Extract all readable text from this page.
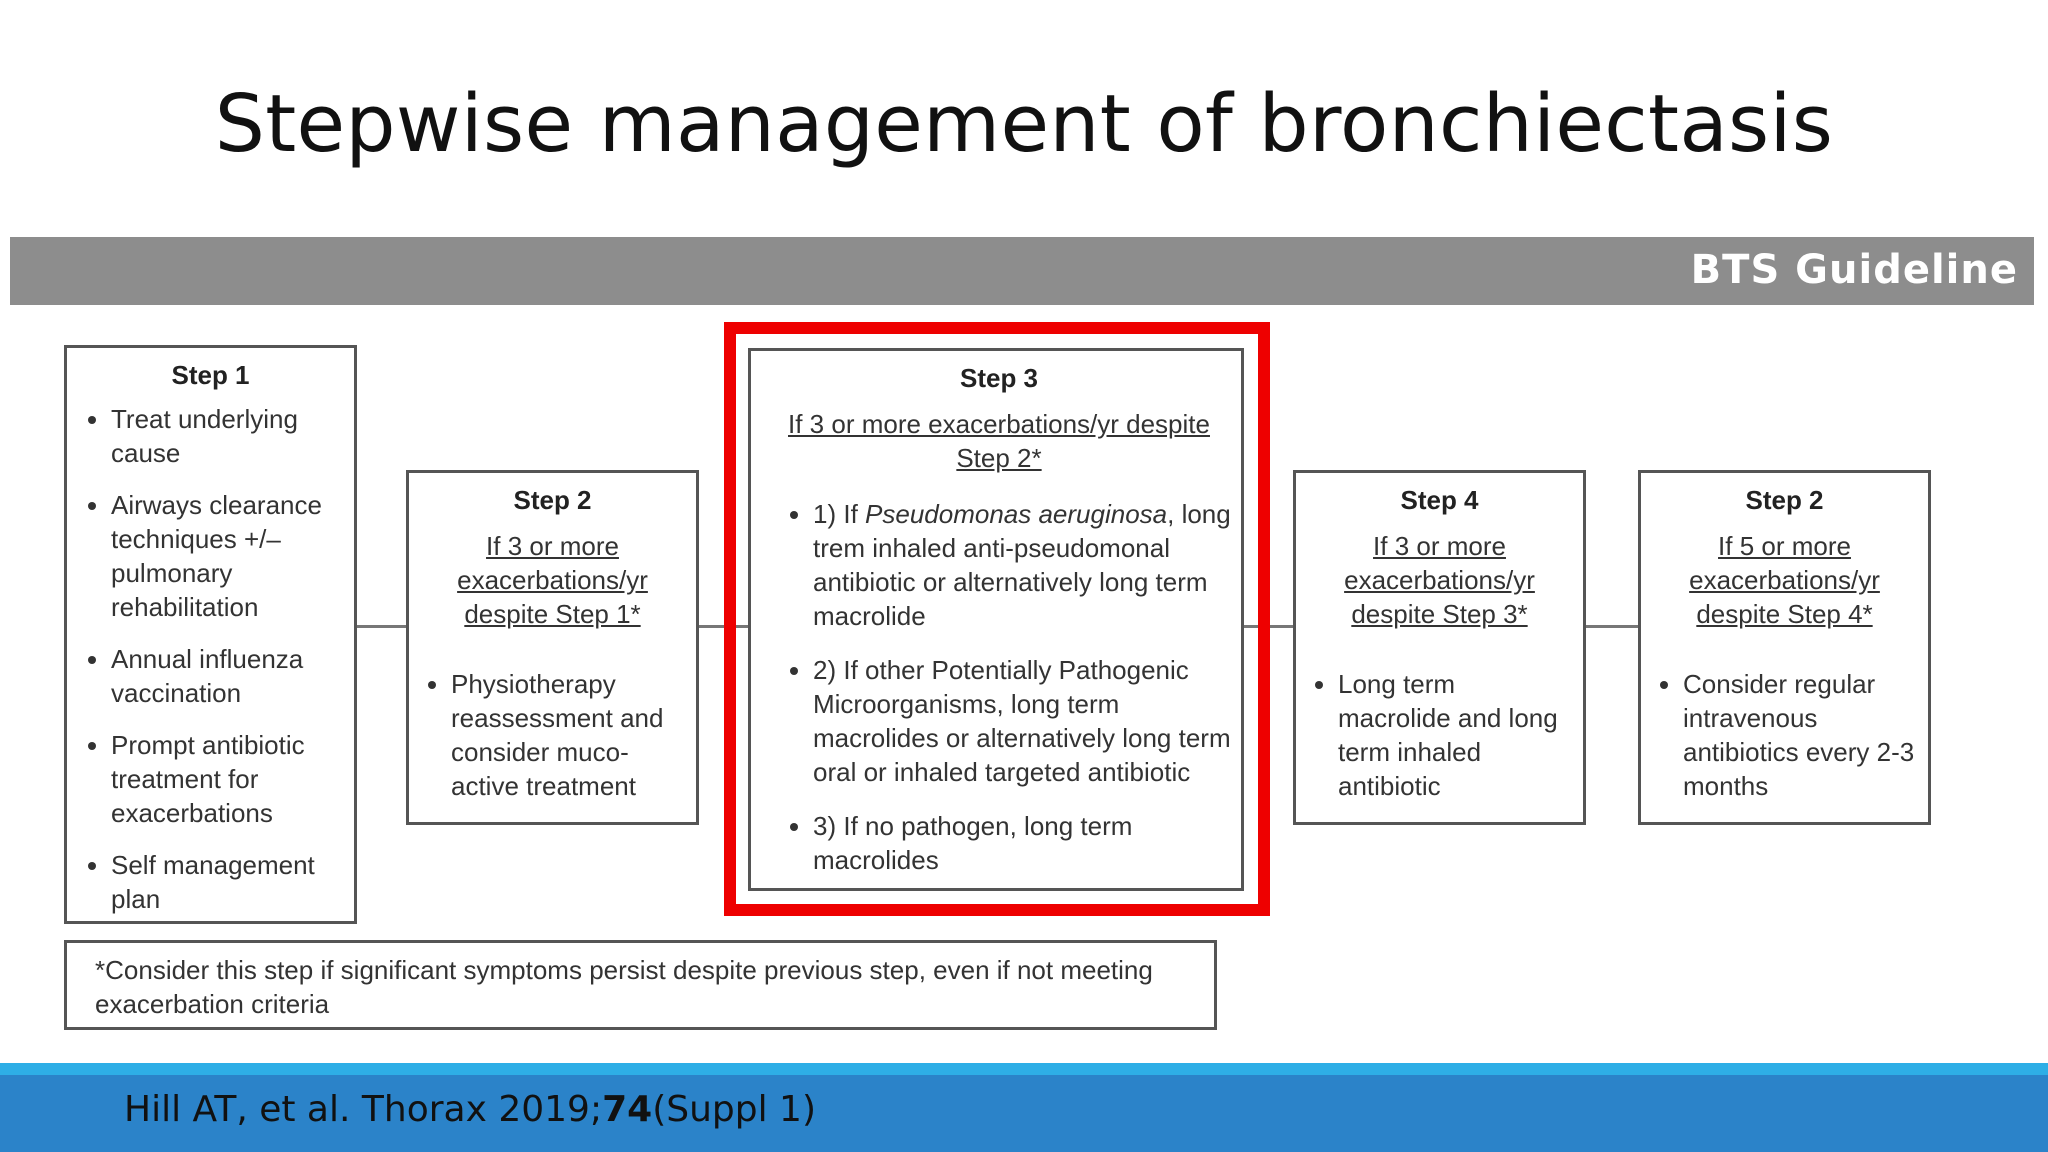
Stepwise management of bronchiectasis
BTS Guideline
Step 1
• Treat underlying cause
• Airways clearance techniques +/– pulmonary rehabilitation
• Annual influenza vaccination
• Prompt antibiotic treatment for exacerbations
• Self management plan
Step 2
If 3 or more exacerbations/yr despite Step 1*
• Physiotherapy reassessment and consider muco-active treatment
Step 3
If 3 or more exacerbations/yr despite Step 2*
• 1) If Pseudomonas aeruginosa, long trem inhaled anti-pseudomonal antibiotic or alternatively long term macrolide
• 2) If other Potentially Pathogenic Microorganisms, long term macrolides or alternatively long term oral or inhaled targeted antibiotic
• 3) If no pathogen, long term macrolides
Step 4
If 3 or more exacerbations/yr despite Step 3*
• Long term macrolide and long term inhaled antibiotic
Step 2
If 5 or more exacerbations/yr despite Step 4*
• Consider regular intravenous antibiotics every 2-3 months
*Consider this step if significant symptoms persist despite previous step, even if not meeting exacerbation criteria
Hill AT, et al. Thorax 2019;74(Suppl 1)
